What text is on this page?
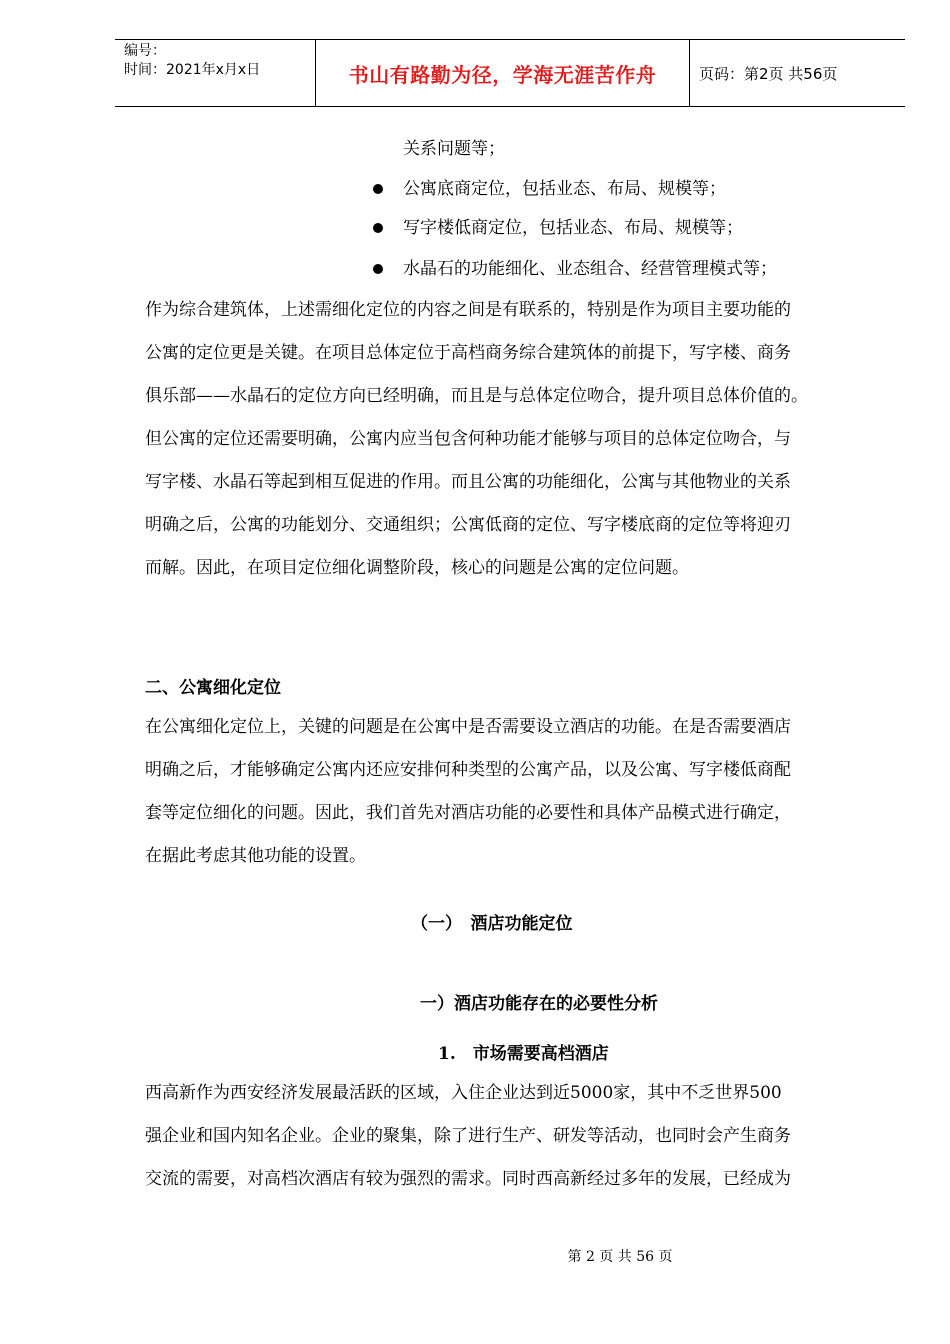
编号：
时间：2021年x月x日	书山有路勤为径，学海无涯苦作舟	页码：第2页 共56页
关系问题等；
公寓底商定位，包括业态、布局、规模等；
写字楼低商定位，包括业态、布局、规模等；
水晶石的功能细化、业态组合、经营管理模式等；
作为综合建筑体，上述需细化定位的内容之间是有联系的，特别是作为项目主要功能的
公寓的定位更是关键。在项目总体定位于高档商务综合建筑体的前提下，写字楼、商务
俱乐部——水晶石的定位方向已经明确，而且是与总体定位吻合，提升项目总体价值的。
但公寓的定位还需要明确，公寓内应当包含何种功能才能够与项目的总体定位吻合，与
写字楼、水晶石等起到相互促进的作用。而且公寓的功能细化，公寓与其他物业的关系
明确之后，公寓的功能划分、交通组织；公寓低商的定位、写字楼底商的定位等将迎刃
而解。因此，在项目定位细化调整阶段，核心的问题是公寓的定位问题。
二、公寓细化定位
在公寓细化定位上，关键的问题是在公寓中是否需要设立酒店的功能。在是否需要酒店
明确之后，才能够确定公寓内还应安排何种类型的公寓产品，以及公寓、写字楼低商配
套等定位细化的问题。因此，我们首先对酒店功能的必要性和具体产品模式进行确定，
在据此考虑其他功能的设置。
（一）　酒店功能定位
一）酒店功能存在的必要性分析
1.　市场需要高档酒店
西高新作为西安经济发展最活跃的区域，入住企业达到近5000家，其中不乏世界500
强企业和国内知名企业。企业的聚集，除了进行生产、研发等活动，也同时会产生商务
交流的需要，对高档次酒店有较为强烈的需求。同时西高新经过多年的发展，已经成为
第 2 页 共 56 页
